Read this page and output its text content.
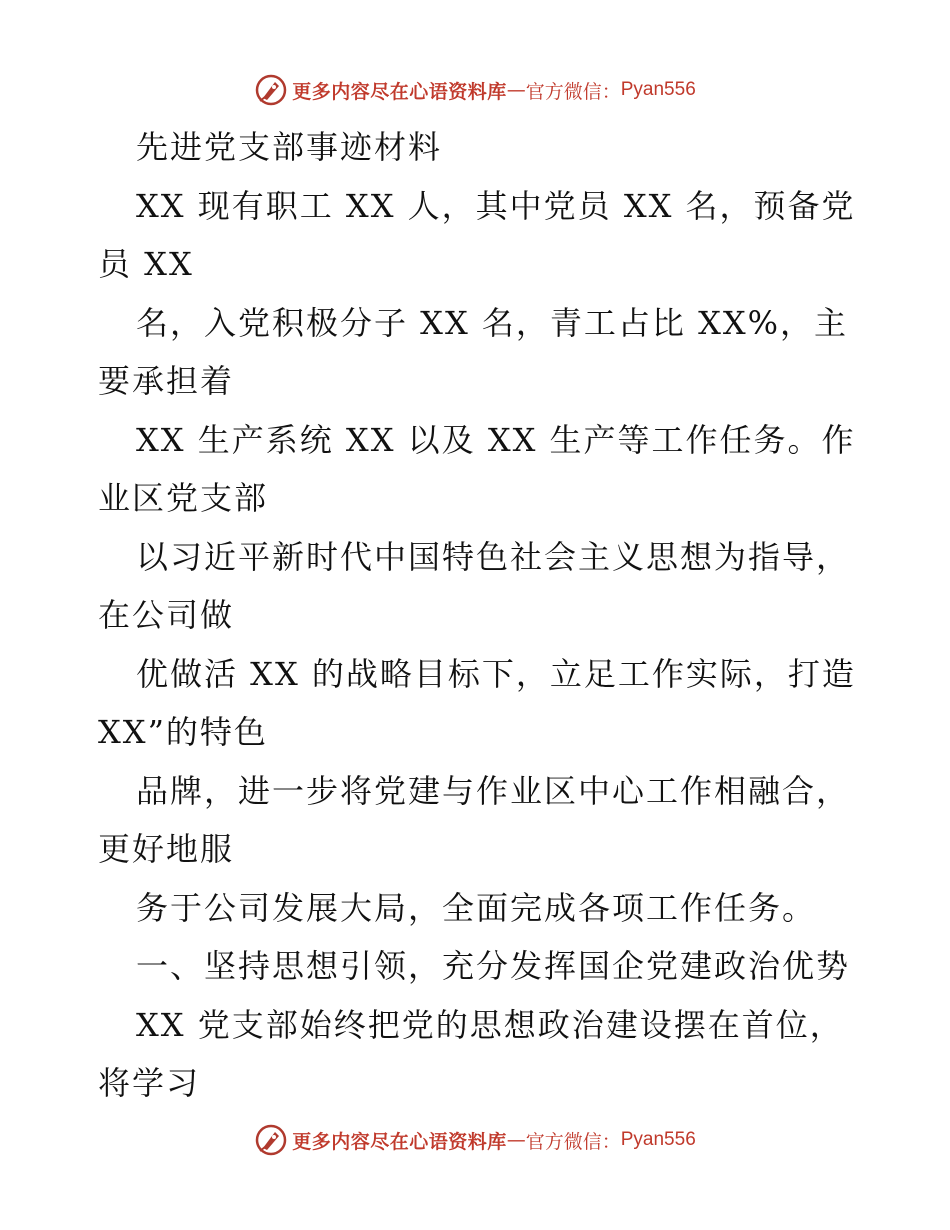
更多内容尽在心语资料库 — 官方微信： Pyan556
先进党支部事迹材料
XX 现有职工 XX 人，其中党员 XX 名，预备党
员 XX
名，入党积极分子 XX 名，青工占比 XX%，主
要承担着
XX 生产系统 XX 以及 XX 生产等工作任务。作
业区党支部
以习近平新时代中国特色社会主义思想为指导，
在公司做
优做活 XX 的战略目标下，立足工作实际，打造
XX”的特色
品牌，进一步将党建与作业区中心工作相融合，
更好地服
务于公司发展大局，全面完成各项工作任务。
一、坚持思想引领，充分发挥国企党建政治优势
XX 党支部始终把党的思想政治建设摆在首位，
将学习
更多内容尽在心语资料库 — 官方微信： Pyan556
